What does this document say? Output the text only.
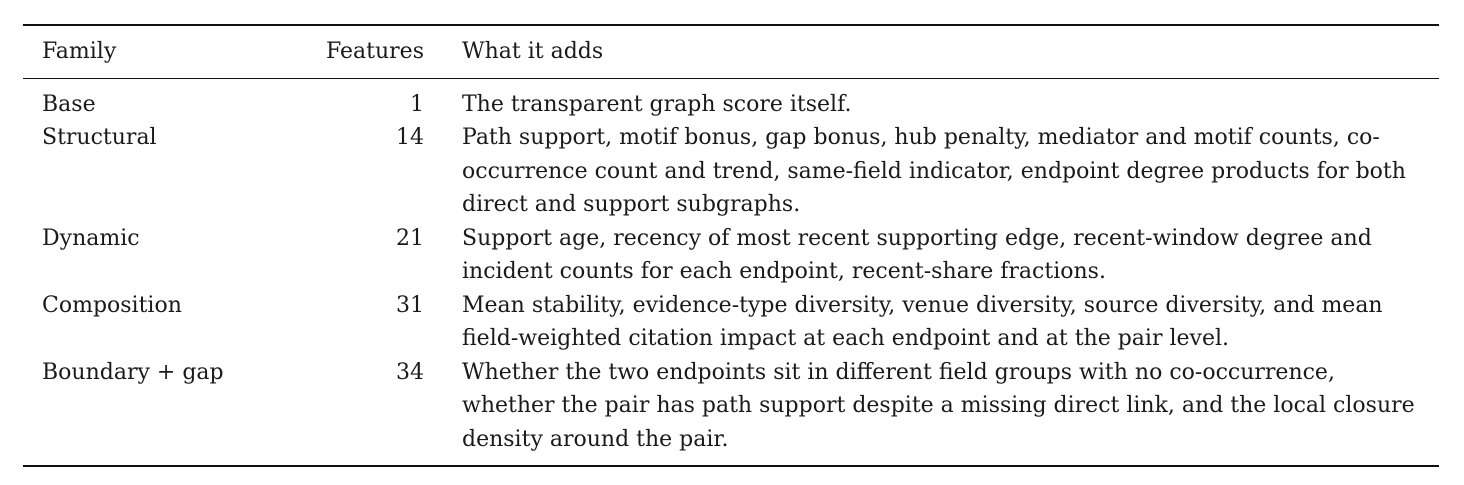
Family	Features	What it adds
Base	1	The transparent graph score itself.
Structural	14	Path support, motif bonus, gap bonus, hub penalty, mediator and motif counts, co-occurrence count and trend, same-field indicator, endpoint degree products for both direct and support subgraphs.
Dynamic	21	Support age, recency of most recent supporting edge, recent-window degree and incident counts for each endpoint, recent-share fractions.
Composition	31	Mean stability, evidence-type diversity, venue diversity, source diversity, and mean field-weighted citation impact at each endpoint and at the pair level.
Boundary + gap	34	Whether the two endpoints sit in different field groups with no co-occurrence, whether the pair has path support despite a missing direct link, and the local closure density around the pair.
